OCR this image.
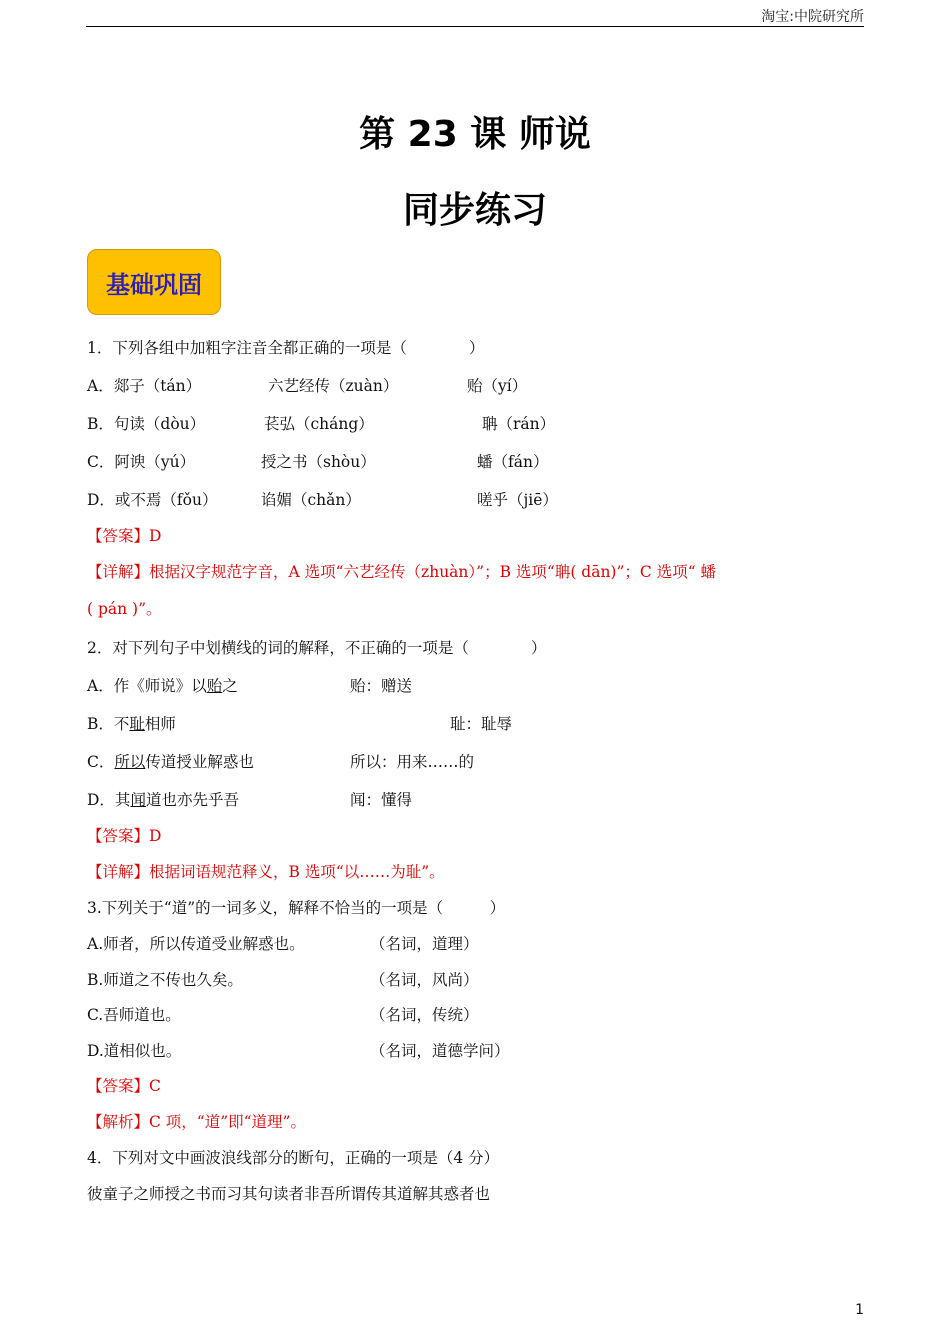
淘宝:中院研究所
第 23 课 师说
同步练习
基础巩固
1．下列各组中加粗字注音全都正确的一项是（　　　　）
A．郯子（tán）	六艺经传（zuàn）	贻（yí）
B．句读（dòu）	苌弘（cháng）	聃（rán）
C．阿谀（yú）	授之书（shòu）	蟠（fán）
D．或不焉（fǒu）	谄媚（chǎn）	嗟乎（jiē）
【答案】D
【详解】根据汉字规范字音，A 选项“六艺经传（zhuàn）”；B 选项“聃( dān)”；C 选项“ 蟠
( pán )”。
2．对下列句子中划横线的词的解释，不正确的一项是（　　　　）
A．作《师说》以贻之	贻：赠送
B．不耻相师	耻：耻辱
C．所以传道授业解惑也	所以：用来……的
D．其闻道也亦先乎吾	闻：懂得
【答案】D
【详解】根据词语规范释义，B 选项“以……为耻”。
3.下列关于“道”的一词多义，解释不恰当的一项是（　　　）
A.师者，所以传道受业解惑也。	（名词，道理）
B.师道之不传也久矣。	（名词，风尚）
C.吾师道也。	（名词，传统）
D.道相似也。	（名词，道德学问）
【答案】C
【解析】C 项，“道”即“道理”。
4．下列对文中画波浪线部分的断句，正确的一项是（4 分）
彼童子之师授之书而习其句读者非吾所谓传其道解其惑者也
1
